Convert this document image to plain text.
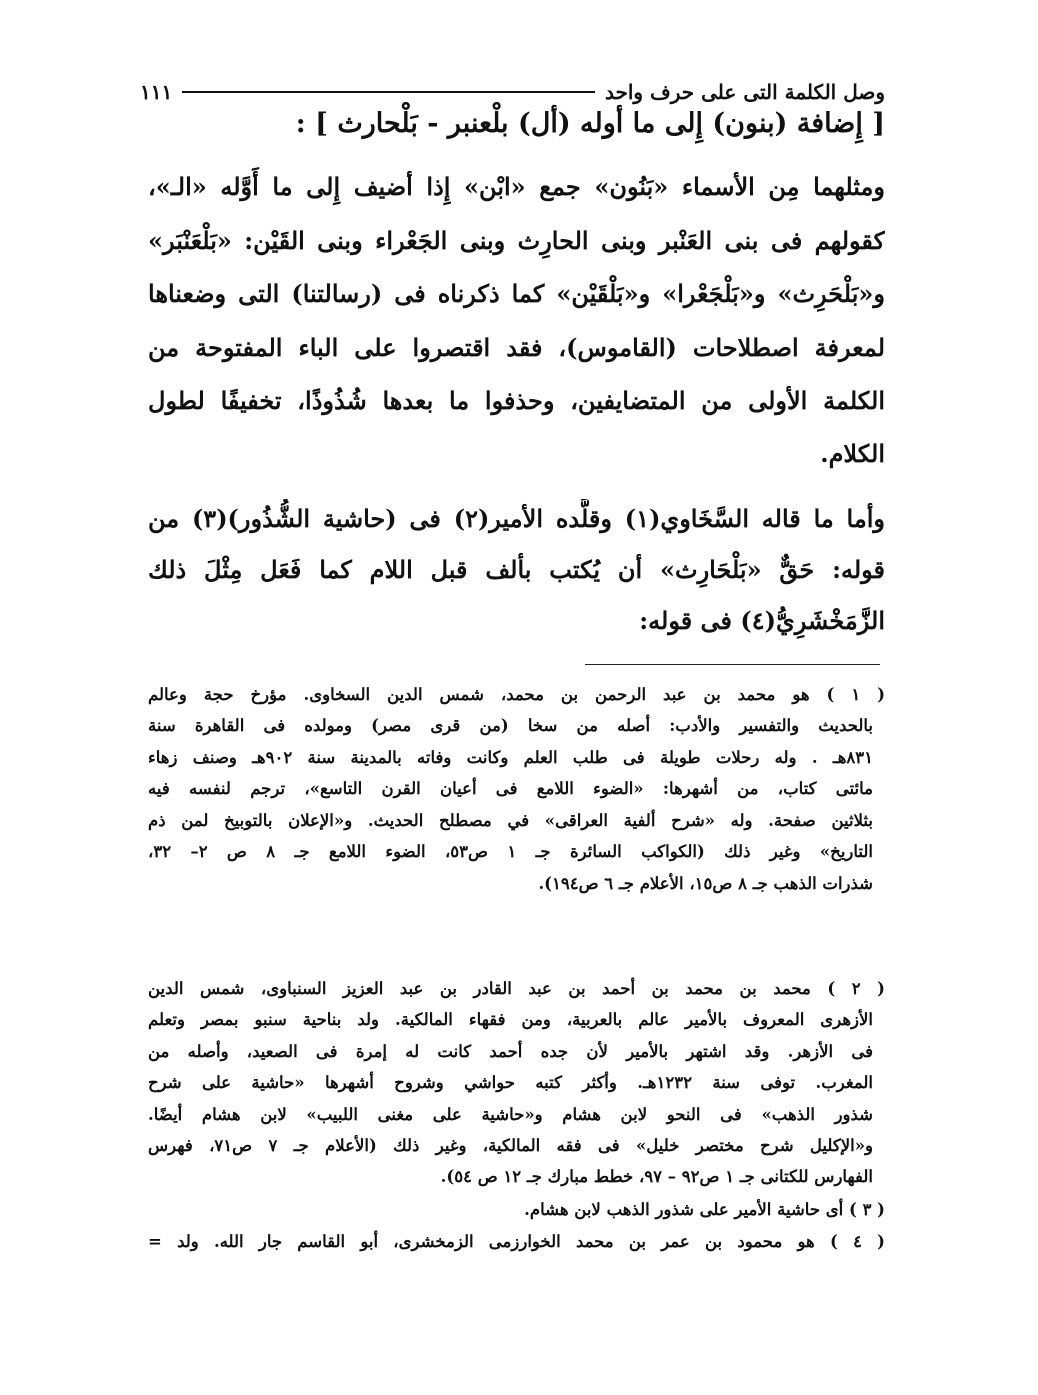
وصل الكلمة التى على حرف واحد
١١١
[ إِضافة (بنون) إِلى ما أوله (أل) بلْعنبر - بَلْحارث ] :
ومثلهما مِن الأسماء «بَنُون» جمع «ابْن» إِذا أضيف إِلى ما أَوَّله «الـ»،
كقولهم فى بنى العَنْبر وبنى الحارِث وبنى الجَعْراء وبنى القَيْن: «بَلْعَنْبَر»
و«بَلْحَرِث» و«بَلْجَعْرا» و«بَلْقَيْن» كما ذكرناه فى (رسالتنا) التى وضعناها
لمعرفة اصطلاحات (القاموس)، فقد اقتصروا على الباء المفتوحة من
الكلمة الأولى من المتضايفين، وحذفوا ما بعدها شُذُوذًا، تخفيفًا لطول
الكلام.
وأما ما قاله السَّخَاوي(١) وقلَّده الأمير(٢) فى (حاشية الشُّذُور)(٣) من
قوله: حَقٌّ «بَلْحَارِث» أن يُكتب بألف قبل اللام كما فَعَل مِثْلَ ذلك
الزَّمَخْشَرِيُّ(٤) فى قوله:
( ١ ) هو محمد بن عبد الرحمن بن محمد، شمس الدين السخاوى. مؤرخ حجة وعالم
بالحديث والتفسير والأدب: أصله من سخا (من قرى مصر) ومولده فى القاهرة سنة
٨٣١هـ . وله رحلات طويلة فى طلب العلم وكانت وفاته بالمدينة سنة ٩٠٢هـ وصنف زهاء
مائتى كتاب، من أشهرها: «الضوء اللامع فى أعيان القرن التاسع»، ترجم لنفسه فيه
بثلاثين صفحة. وله «شرح ألفية العراقى» في مصطلح الحديث. و«الإعلان بالتوبيخ لمن ذم
التاريخ» وغير ذلك (الكواكب السائرة جـ ١ ص٥٣، الضوء اللامع جـ ٨ ص ٢– ٣٢،
شذرات الذهب جـ ٨ ص١٥، الأعلام جـ ٦ ص١٩٤).
( ٢ ) محمد بن محمد بن أحمد بن عبد القادر بن عبد العزيز السنباوى، شمس الدين
الأزهرى المعروف بالأمير عالم بالعربية، ومن فقهاء المالكية. ولد بناحية سنبو بمصر وتعلم
فى الأزهر. وقد اشتهر بالأمير لأن جده أحمد كانت له إمرة فى الصعيد، وأصله من
المغرب. توفى سنة ١٢٣٢هـ. وأكثر كتبه حواشي وشروح أشهرها «حاشية على شرح
شذور الذهب» فى النحو لابن هشام و«حاشية على مغنى اللبيب» لابن هشام أيضًا.
و«الإكليل شرح مختصر خليل» فى فقه المالكية، وغير ذلك (الأعلام جـ ٧ ص٧١، فهرس
الفهارس للكتانى جـ ١ ص٩٢ – ٩٧، خطط مبارك جـ ١٢ ص ٥٤).
( ٣ ) أى حاشية الأمير على شذور الذهب لابن هشام.
( ٤ ) هو محمود بن عمر بن محمد الخوارزمى الزمخشرى، أبو القاسم جار الله. ولد =
